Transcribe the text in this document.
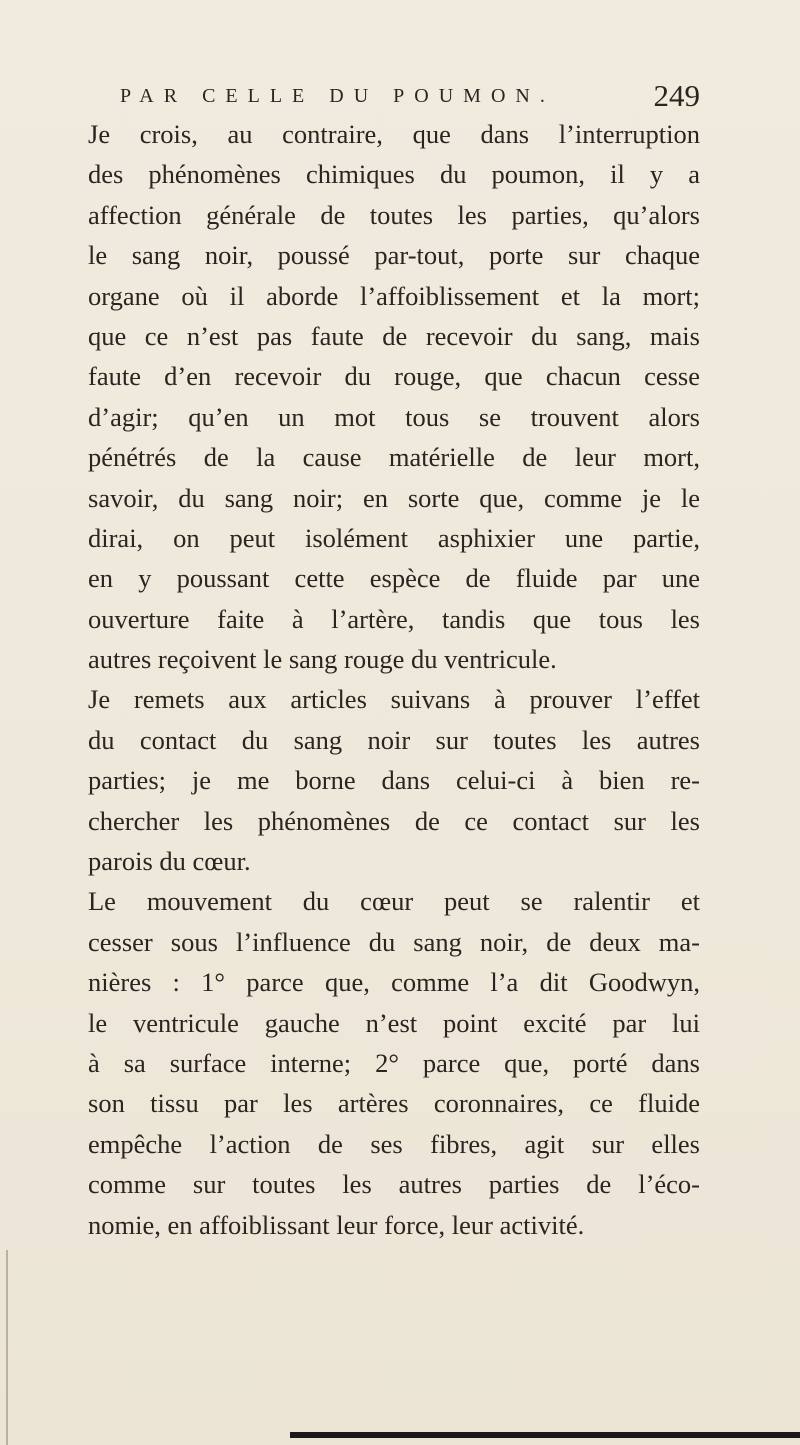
PAR CELLE DU POUMON.	249
Je crois, au contraire, que dans l’interruption
des phénomènes chimiques du poumon, il y a
affection générale de toutes les parties, qu’alors
le sang noir, poussé par-tout, porte sur chaque
organe où il aborde l’affoiblissement et la mort;
que ce n’est pas faute de recevoir du sang, mais
faute d’en recevoir du rouge, que chacun cesse
d’agir; qu’en un mot tous se trouvent alors
pénétrés de la cause matérielle de leur mort,
savoir, du sang noir; en sorte que, comme je le
dirai, on peut isolément asphixier une partie,
en y poussant cette espèce de fluide par une
ouverture faite à l’artère, tandis que tous les
autres reçoivent le sang rouge du ventricule.
Je remets aux articles suivans à prouver l’effet
du contact du sang noir sur toutes les autres
parties; je me borne dans celui-ci à bien re-
chercher les phénomènes de ce contact sur les
parois du cœur.
Le mouvement du cœur peut se ralentir et
cesser sous l’influence du sang noir, de deux ma-
nières : 1° parce que, comme l’a dit Goodwyn,
le ventricule gauche n’est point excité par lui
à sa surface interne; 2° parce que, porté dans
son tissu par les artères coronnaires, ce fluide
empêche l’action de ses fibres, agit sur elles
comme sur toutes les autres parties de l’éco-
nomie, en affoiblissant leur force, leur activité.
